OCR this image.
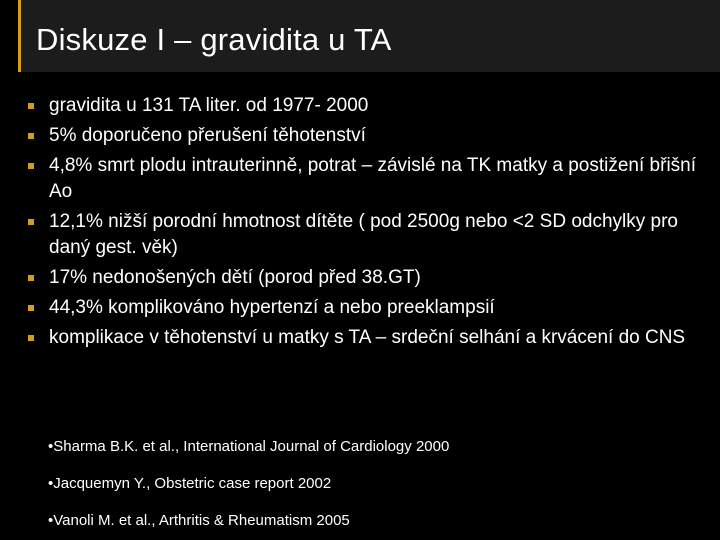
Diskuze I – gravidita u TA
gravidita u 131 TA liter. od 1977- 2000
5% doporučeno přerušení těhotenství
4,8% smrt plodu intrauterinně, potrat – závislé na TK matky a postižení břišní Ao
12,1% nižší porodní hmotnost dítěte ( pod 2500g nebo <2 SD odchylky pro daný gest. věk)
17% nedonošených dětí (porod před 38.GT)
44,3% komplikováno hypertenzí a nebo preeklampsií
komplikace v těhotenství u matky s TA – srdeční selhání a krvácení do CNS
•Sharma B.K. et al., International Journal of Cardiology 2000
•Jacquemyn Y., Obstetric case report 2002
•Vanoli M. et al., Arthritis & Rheumatism 2005
